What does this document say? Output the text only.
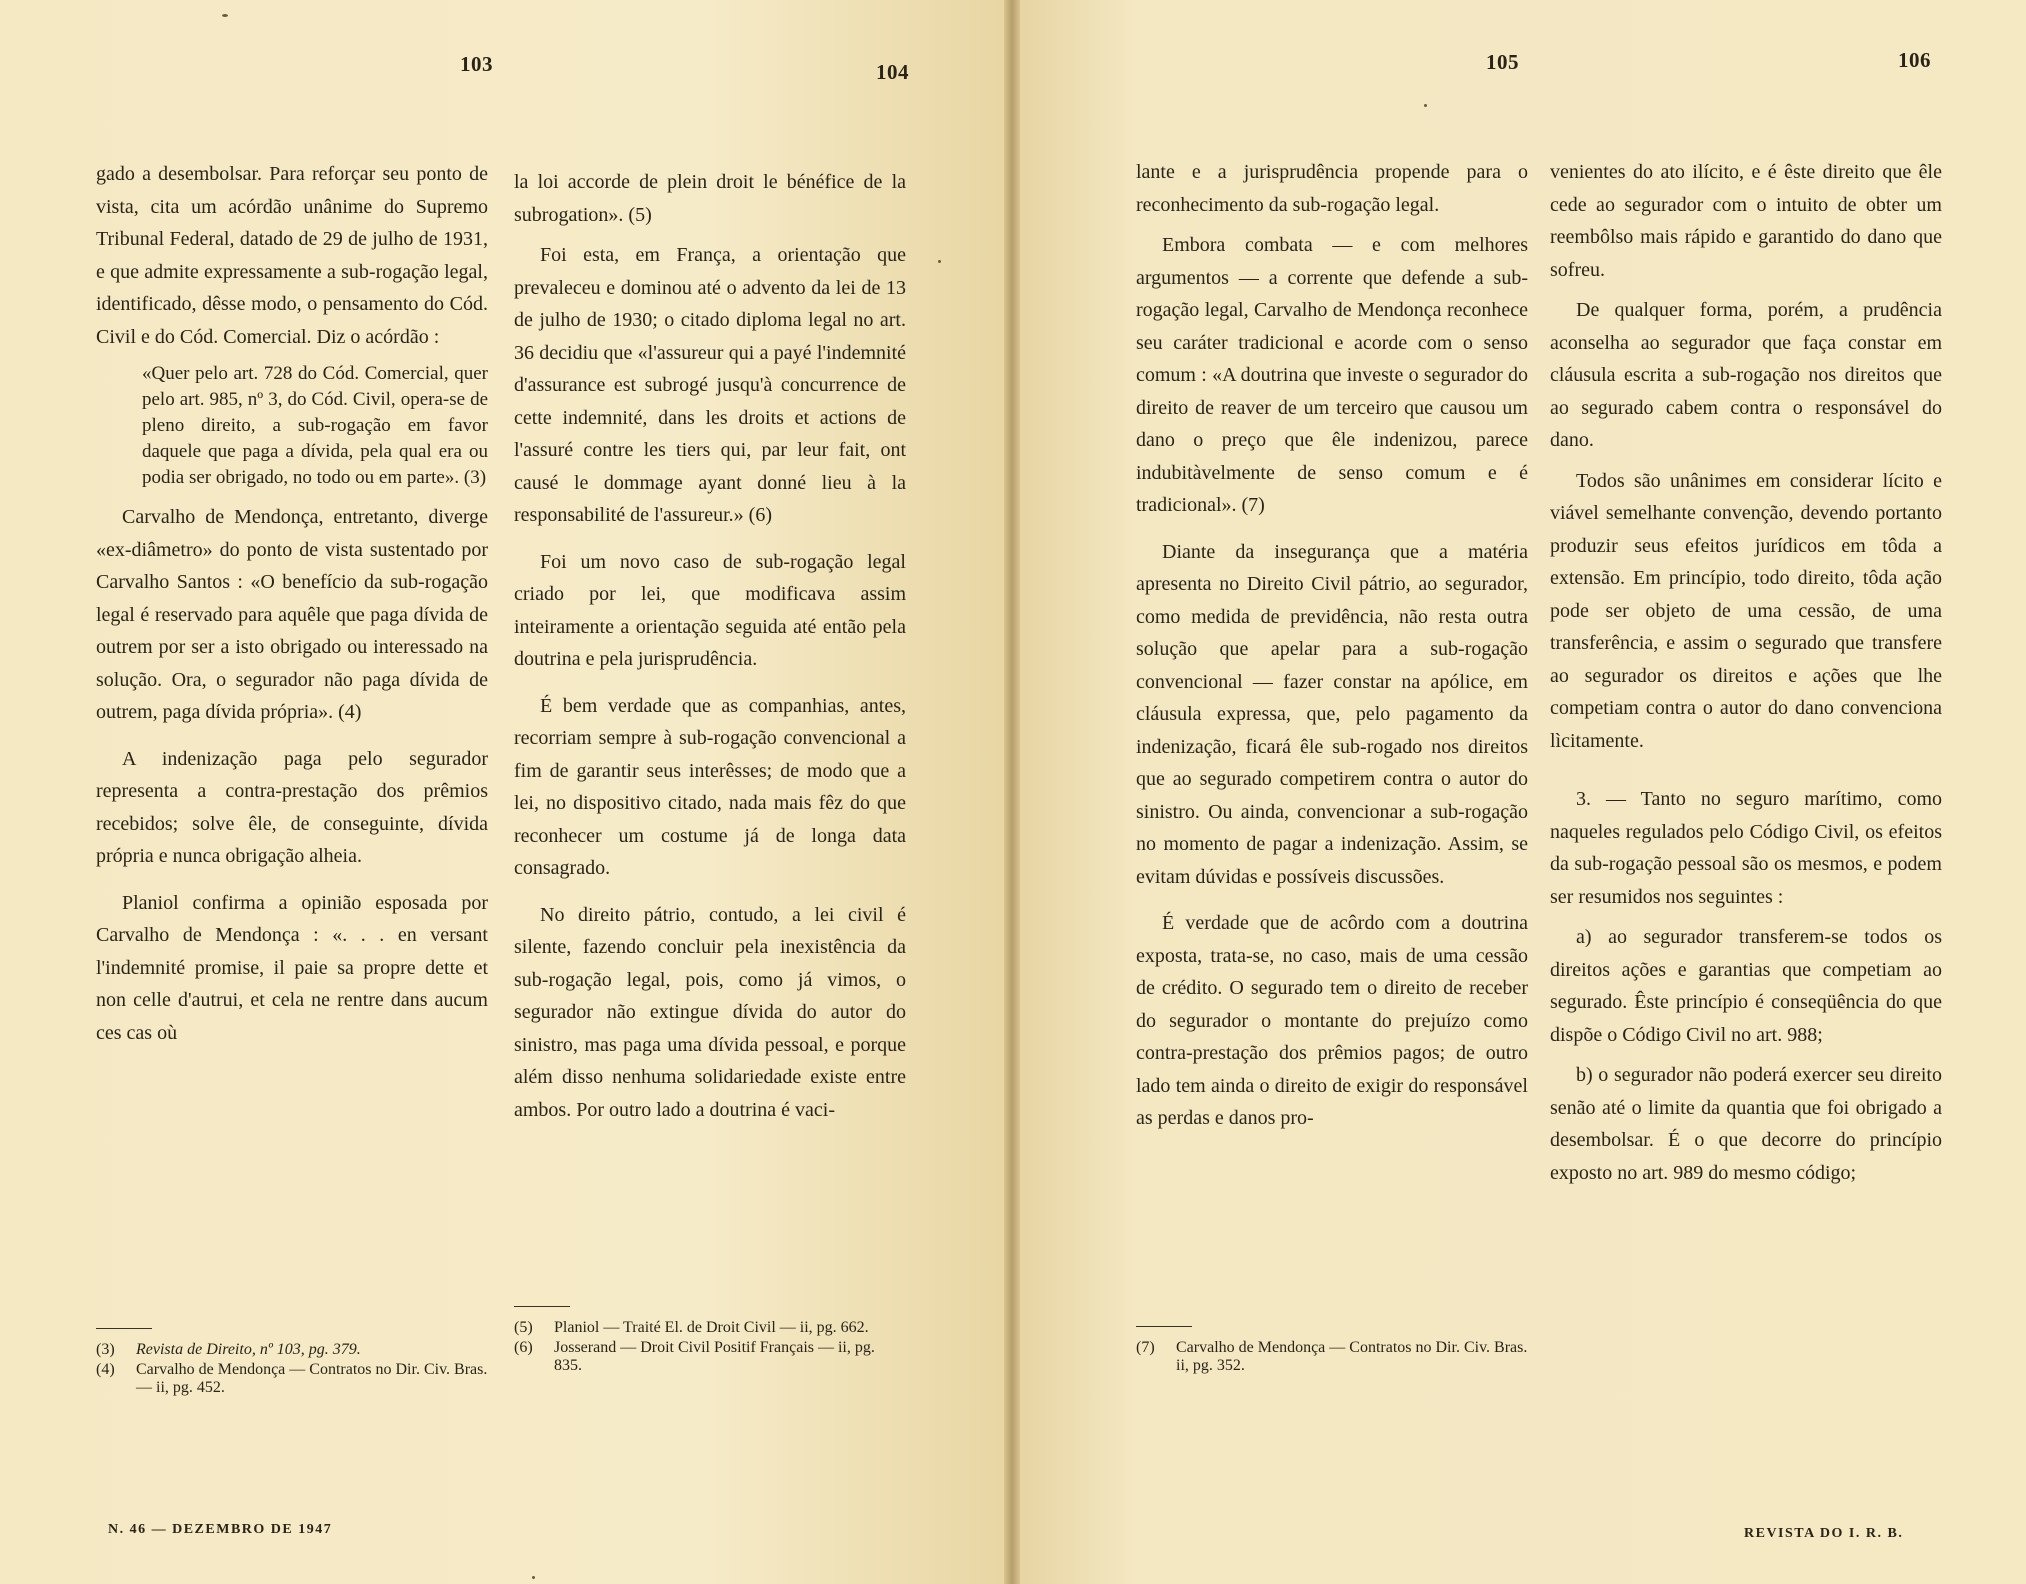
103

gado a desembolsar. Para reforçar seu ponto de vista, cita um acórdão unânime do Supremo Tribunal Federal, datado de 29 de julho de 1931, e que admite expressamente a sub-rogação legal, identificado, dêsse modo, o pensamento do Cód. Civil e do Cód. Comercial. Diz o acórdão :

«Quer pelo art. 728 do Cód. Comercial, quer pelo art. 985, nº 3, do Cód. Civil, opera-se de pleno direito, a sub-rogação em favor daquele que paga a dívida, pela qual era ou podia ser obrigado, no todo ou em parte». (3)

Carvalho de Mendonça, entretanto, diverge «ex-diâmetro» do ponto de vista sustentado por Carvalho Santos : «O benefício da sub-rogação legal é reservado para aquêle que paga dívida de outrem por ser a isto obrigado ou interessado na solução. Ora, o segurador não paga dívida de outrem, paga dívida própria». (4)

A indenização paga pelo segurador representa a contra-prestação dos prêmios recebidos; solve êle, de conseguinte, dívida própria e nunca obrigação alheia.

Planiol confirma a opinião esposada por Carvalho de Mendonça : «. . . en versant l'indemnité promise, il paie sa propre dette et non celle d'autrui, et cela ne rentre dans aucum ces cas où

(3)	Revista de Direito, nº 103, pg. 379.
(4)	Carvalho de Mendonça — Contratos no Dir. Civ. Bras. — ii, pg. 452.
N. 46 — DEZEMBRO DE 1947
104

la loi accorde de plein droit le bénéfice de la subrogation». (5)

Foi esta, em França, a orientação que prevaleceu e dominou até o advento da lei de 13 de julho de 1930; o citado diploma legal no art. 36 decidiu que «l'assureur qui a payé l'indemnité d'assurance est subrogé jusqu'à concurrence de cette indemnité, dans les droits et actions de l'assuré contre les tiers qui, par leur fait, ont causé le dommage ayant donné lieu à la responsabilité de l'assureur.» (6)

Foi um novo caso de sub-rogação legal criado por lei, que modificava assim inteiramente a orientação seguida até então pela doutrina e pela jurisprudência.

É bem verdade que as companhias, antes, recorriam sempre à sub-rogação convencional a fim de garantir seus interêsses; de modo que a lei, no dispositivo citado, nada mais fêz do que reconhecer um costume já de longa data consagrado.

No direito pátrio, contudo, a lei civil é silente, fazendo concluir pela inexistência da sub-rogação legal, pois, como já vimos, o segurador não extingue dívida do autor do sinistro, mas paga uma dívida pessoal, e porque além disso nenhuma solidariedade existe entre ambos. Por outro lado a doutrina é vaci-

(5)	Planiol — Traité El. de Droit Civil — ii, pg. 662.
(6)	Josserand — Droit Civil Positif Français — ii, pg. 835.
105

lante e a jurisprudência propende para o reconhecimento da sub-rogação legal.

Embora combata — e com melhores argumentos — a corrente que defende a sub-rogação legal, Carvalho de Mendonça reconhece seu caráter tradicional e acorde com o senso comum : «A doutrina que investe o segurador do direito de reaver de um terceiro que causou um dano o preço que êle indenizou, parece indubitàvelmente de senso comum e é tradicional». (7)

Diante da insegurança que a matéria apresenta no Direito Civil pátrio, ao segurador, como medida de previdência, não resta outra solução que apelar para a sub-rogação convencional — fazer constar na apólice, em cláusula expressa, que, pelo pagamento da indenização, ficará êle sub-rogado nos direitos que ao segurado competirem contra o autor do sinistro. Ou ainda, convencionar a sub-rogação no momento de pagar a indenização. Assim, se evitam dúvidas e possíveis discussões.

É verdade que de acôrdo com a doutrina exposta, trata-se, no caso, mais de uma cessão de crédito. O segurado tem o direito de receber do segurador o montante do prejuízo como contra-prestação dos prêmios pagos; de outro lado tem ainda o direito de exigir do responsável as perdas e danos pro-

(7)	Carvalho de Mendonça — Contratos no Dir. Civ. Bras. ii, pg. 352.
106

venientes do ato ilícito, e é êste direito que êle cede ao segurador com o intuito de obter um reembôlso mais rápido e garantido do dano que sofreu.

De qualquer forma, porém, a prudência aconselha ao segurador que faça constar em cláusula escrita a sub-rogação nos direitos que ao segurado cabem contra o responsável do dano.

Todos são unânimes em considerar lícito e viável semelhante convenção, devendo portanto produzir seus efeitos jurídicos em tôda a extensão. Em princípio, todo direito, tôda ação pode ser objeto de uma cessão, de uma transferência, e assim o segurado que transfere ao segurador os direitos e ações que lhe competiam contra o autor do dano convenciona lìcitamente.

3. — Tanto no seguro marítimo, como naqueles regulados pelo Código Civil, os efeitos da sub-rogação pessoal são os mesmos, e podem ser resumidos nos seguintes :

a) ao segurador transferem-se todos os direitos ações e garantias que competiam ao segurado. Êste princípio é conseqüência do que dispõe o Código Civil no art. 988;

b) o segurador não poderá exercer seu direito senão até o limite da quantia que foi obrigado a desembolsar. É o que decorre do princípio exposto no art. 989 do mesmo código;

REVISTA DO I. R. B.
